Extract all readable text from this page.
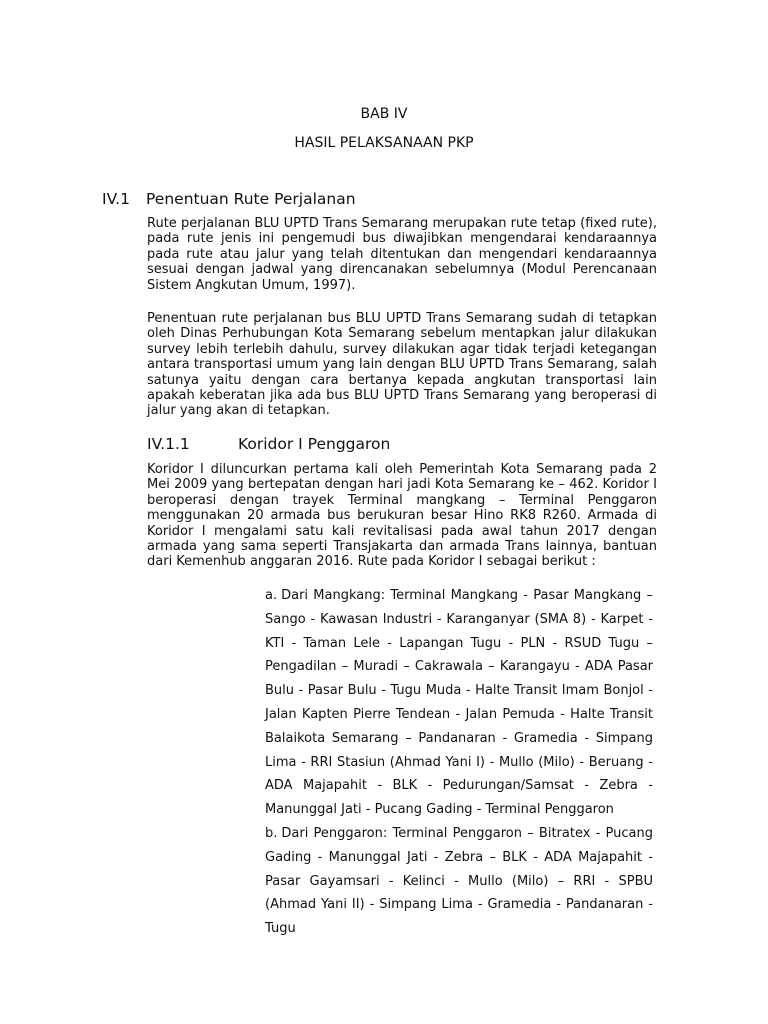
BAB IV
HASIL PELAKSANAAN PKP
IV.1 Penentuan Rute Perjalanan

Rute perjalanan BLU UPTD Trans Semarang merupakan rute tetap (fixed rute), pada rute jenis ini pengemudi bus diwajibkan mengendarai kendaraannya pada rute atau jalur yang telah ditentukan dan mengendari kendaraannya sesuai dengan jadwal yang direncanakan sebelumnya (Modul Perencanaan Sistem Angkutan Umum, 1997).

Penentuan rute perjalanan bus BLU UPTD Trans Semarang sudah di tetapkan oleh Dinas Perhubungan Kota Semarang sebelum mentapkan jalur dilakukan survey lebih terlebih dahulu, survey dilakukan agar tidak terjadi ketegangan antara transportasi umum yang lain dengan BLU UPTD Trans Semarang, salah satunya yaitu dengan cara bertanya kepada angkutan transportasi lain apakah keberatan jika ada bus BLU UPTD Trans Semarang yang beroperasi di jalur yang akan di tetapkan.

IV.1.1	Koridor I Penggaron

Koridor I diluncurkan pertama kali oleh Pemerintah Kota Semarang pada 2 Mei 2009 yang bertepatan dengan hari jadi Kota Semarang ke – 462. Koridor I beroperasi dengan trayek Terminal mangkang – Terminal Penggaron menggunakan 20 armada bus berukuran besar Hino RK8 R260. Armada di Koridor I mengalami satu kali revitalisasi pada awal tahun 2017 dengan armada yang sama seperti Transjakarta dan armada Trans lainnya, bantuan dari Kemenhub anggaran 2016. Rute pada Koridor I sebagai berikut :

a. Dari Mangkang: Terminal Mangkang - Pasar Mangkang – Sango - Kawasan Industri - Karanganyar (SMA 8) - Karpet - KTI - Taman Lele - Lapangan Tugu - PLN - RSUD Tugu – Pengadilan – Muradi – Cakrawala – Karangayu - ADA Pasar Bulu - Pasar Bulu - Tugu Muda - Halte Transit Imam Bonjol - Jalan Kapten Pierre Tendean - Jalan Pemuda - Halte Transit Balaikota Semarang – Pandanaran - Gramedia - Simpang Lima - RRI Stasiun (Ahmad Yani I) - Mullo (Milo) - Beruang - ADA Majapahit - BLK - Pedurungan/Samsat - Zebra - Manunggal Jati - Pucang Gading - Terminal Penggaron

b. Dari Penggaron: Terminal Penggaron – Bitratex - Pucang Gading - Manunggal Jati - Zebra – BLK - ADA Majapahit - Pasar Gayamsari - Kelinci - Mullo (Milo) – RRI - SPBU (Ahmad Yani II) - Simpang Lima - Gramedia - Pandanaran - Tugu
